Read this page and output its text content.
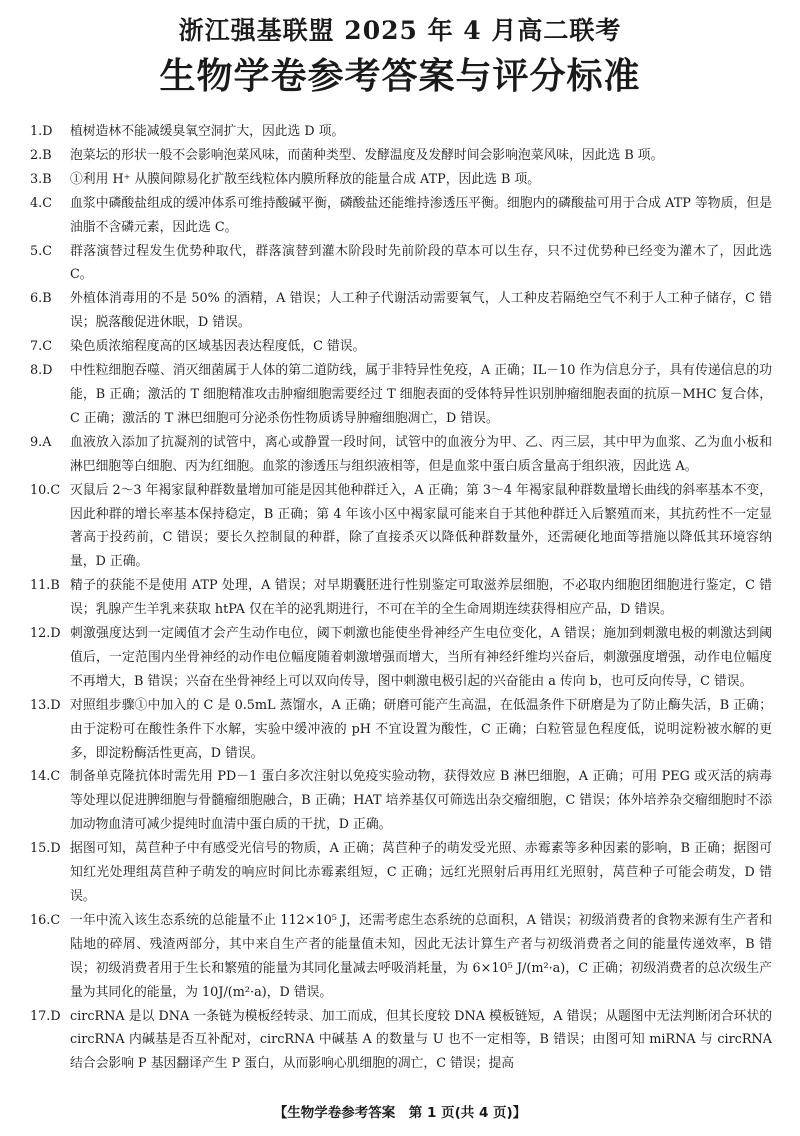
浙江强基联盟 2025 年 4 月高二联考
生物学卷参考答案与评分标准
1.D	植树造林不能减缓臭氧空洞扩大，因此选 D 项。
2.B	泡菜坛的形状一般不会影响泡菜风味，而菌种类型、发酵温度及发酵时间会影响泡菜风味，因此选 B 项。
3.B	①利用 H⁺ 从膜间隙易化扩散至线粒体内膜所释放的能量合成 ATP，因此选 B 项。
4.C	血浆中磷酸盐组成的缓冲体系可维持酸碱平衡，磷酸盐还能维持渗透压平衡。细胞内的磷酸盐可用于合成 ATP 等物质，但是油脂不含磷元素，因此选 C。
5.C	群落演替过程发生优势种取代，群落演替到灌木阶段时先前阶段的草本可以生存，只不过优势种已经变为灌木了，因此选 C。
6.B	外植体消毒用的不是 50% 的酒精，A 错误；人工种子代谢活动需要氧气，人工种皮若隔绝空气不利于人工种子储存，C 错误；脱落酸促进休眠，D 错误。
7.C	染色质浓缩程度高的区域基因表达程度低，C 错误。
8.D	中性粒细胞吞噬、消灭细菌属于人体的第二道防线，属于非特异性免疫，A 正确；IL－10 作为信息分子，具有传递信息的功能，B 正确；激活的 T 细胞精准攻击肿瘤细胞需要经过 T 细胞表面的受体特异性识别肿瘤细胞表面的抗原－MHC 复合体，C 正确；激活的 T 淋巴细胞可分泌杀伤性物质诱导肿瘤细胞凋亡，D 错误。
9.A	血液放入添加了抗凝剂的试管中，离心或静置一段时间，试管中的血液分为甲、乙、丙三层，其中甲为血浆、乙为血小板和淋巴细胞等白细胞、丙为红细胞。血浆的渗透压与组织液相等，但是血浆中蛋白质含量高于组织液，因此选 A。
10.C 灭鼠后 2～3 年褐家鼠种群数量增加可能是因其他种群迁入，A 正确；第 3～4 年褐家鼠种群数量增长曲线的斜率基本不变，因此种群的增长率基本保持稳定，B 正确；第 4 年该小区中褐家鼠可能来自于其他种群迁入后繁殖而来，其抗药性不一定显著高于投药前，C 错误；要长久控制鼠的种群，除了直接杀灭以降低种群数量外，还需硬化地面等措施以降低其环境容纳量，D 正确。
11.B 精子的获能不是使用 ATP 处理，A 错误；对早期囊胚进行性别鉴定可取滋养层细胞，不必取内细胞团细胞进行鉴定，C 错误；乳腺产生羊乳来获取 htPA 仅在羊的泌乳期进行，不可在羊的全生命周期连续获得相应产品，D 错误。
12.D 刺激强度达到一定阈值才会产生动作电位，阈下刺激也能使坐骨神经产生电位变化，A 错误；施加到刺激电极的刺激达到阈值后，一定范围内坐骨神经的动作电位幅度随着刺激增强而增大，当所有神经纤维均兴奋后，刺激强度增强，动作电位幅度不再增大，B 错误；兴奋在坐骨神经上可以双向传导，图中刺激电极引起的兴奋能由 a 传向 b，也可反向传导，C 错误。
13.D 对照组步骤①中加入的 C 是 0.5mL 蒸馏水，A 正确；研磨可能产生高温，在低温条件下研磨是为了防止酶失活，B 正确；由于淀粉可在酸性条件下水解，实验中缓冲液的 pH 不宜设置为酸性，C 正确；白粒管显色程度低，说明淀粉被水解的更多，即淀粉酶活性更高，D 错误。
14.C 制备单克隆抗体时需先用 PD－1 蛋白多次注射以免疫实验动物，获得效应 B 淋巴细胞，A 正确；可用 PEG 或灭活的病毒等处理以促进脾细胞与骨髓瘤细胞融合，B 正确；HAT 培养基仅可筛选出杂交瘤细胞，C 错误；体外培养杂交瘤细胞时不添加动物血清可减少提纯时血清中蛋白质的干扰，D 正确。
15.D 据图可知，莴苣种子中有感受光信号的物质，A 正确；莴苣种子的萌发受光照、赤霉素等多种因素的影响，B 正确；据图可知红光处理组莴苣种子萌发的响应时间比赤霉素组短，C 正确；远红光照射后再用红光照射，莴苣种子可能会萌发，D 错误。
16.C 一年中流入该生态系统的总能量不止 112×10⁵ J，还需考虑生态系统的总面积，A 错误；初级消费者的食物来源有生产者和陆地的碎屑、残渣两部分，其中来自生产者的能量值未知，因此无法计算生产者与初级消费者之间的能量传递效率，B 错误；初级消费者用于生长和繁殖的能量为其同化量减去呼吸消耗量，为 6×10⁵ J/(m²·a)，C 正确；初级消费者的总次级生产量为其同化的能量，为 10J/(m²·a)，D 错误。
17.D circRNA 是以 DNA 一条链为模板经转录、加工而成，但其长度较 DNA 模板链短，A 错误；从题图中无法判断闭合环状的 circRNA 内碱基是否互补配对，circRNA 中碱基 A 的数量与 U 也不一定相等，B 错误；由图可知 miRNA 与 circRNA 结合会影响 P 基因翻译产生 P 蛋白，从而影响心肌细胞的凋亡，C 错误；提高
【生物学卷参考答案　第 1 页(共 4 页)】
